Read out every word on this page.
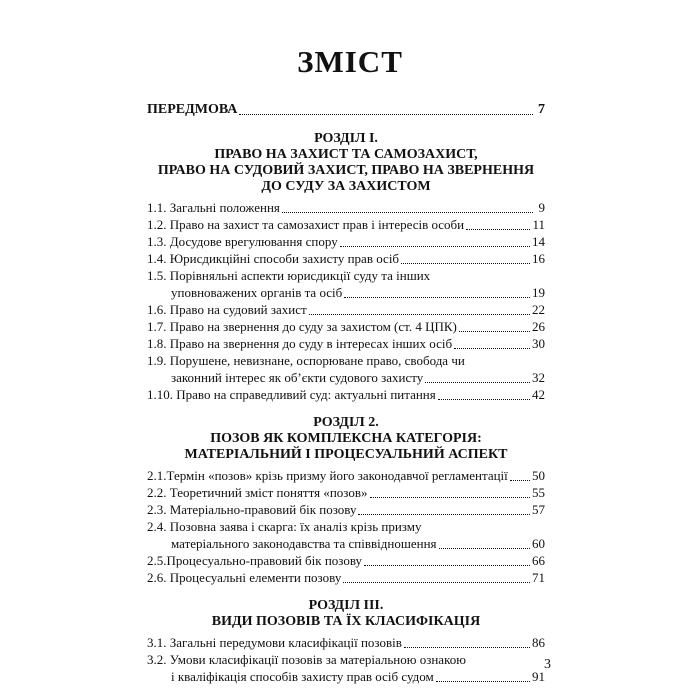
ЗМІСТ
ПЕРЕДМОВА	7
РОЗДІЛ І.
ПРАВО НА ЗАХИСТ ТА САМОЗАХИСТ,
ПРАВО НА СУДОВИЙ ЗАХИСТ, ПРАВО НА ЗВЕРНЕННЯ
ДО СУДУ ЗА ЗАХИСТОМ
1.1. Загальні положення	9
1.2. Право на захист та самозахист прав і інтересів особи	11
1.3. Досудове врегулювання спору	14
1.4. Юрисдикційні способи захисту прав осіб	16
1.5. Порівняльні аспекти юрисдикції суду та інших
уповноважених органів та осіб	19
1.6. Право на судовий захист	22
1.7. Право на звернення до суду за захистом (ст. 4 ЦПК)	26
1.8. Право на звернення до суду в інтересах інших осіб	30
1.9. Порушене, невизнане, оспорюване право, свобода чи
законний інтерес як об’єкти судового захисту	32
1.10. Право на справедливий суд: актуальні питання	42
РОЗДІЛ 2.
ПОЗОВ ЯК КОМПЛЕКСНА КАТЕГОРІЯ:
МАТЕРІАЛЬНИЙ І ПРОЦЕСУАЛЬНИЙ АСПЕКТ
2.1.Термін «позов» крізь призму його законодавчої регламентації 50
2.2. Теоретичний зміст поняття «позов»	55
2.3. Матеріально-правовий бік позову	57
2.4. Позовна заява і скарга: їх аналіз крізь призму
матеріального законодавства та співвідношення	60
2.5.Процесуально-правовий бік позову	66
2.6. Процесуальні елементи позову	71
РОЗДІЛ ІІІ.
ВИДИ ПОЗОВІВ ТА ЇХ КЛАСИФІКАЦІЯ
3.1. Загальні передумови класифікації позовів	86
3.2. Умови класифікації позовів за матеріальною ознакою
і кваліфікація способів захисту прав осіб судом	91
3
